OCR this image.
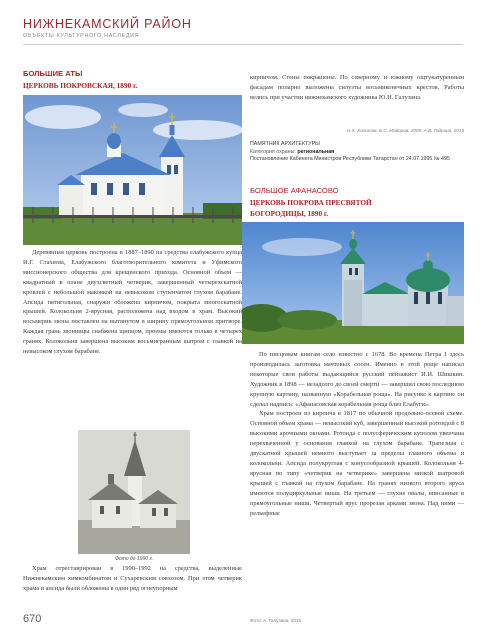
НИЖНЕКАМСКИЙ РАЙОН
ОБЪЕКТЫ КУЛЬТУРНОГО НАСЛЕДИЯ
БОЛЬШИЕ АТЫ
ЦЕРКОВЬ ПОКРОВСКАЯ, 1890 г.

Деревянная церковь построена в 1887–1890 на средства елабужского купца И.Г. Стахеева, Елабужского благотворительного комитета и Уфимского миссионерского общества для крещенского прихода. Основной объем — квадратный в плане двухсветный четверик, завершенный четырехскатной кровлей с небольшой маковкой на невысоком ступенчатом глухом барабане. Апсида пятигольная, снаружи обложена кирпичом, покрыта многоскатной крышей. Колокольня 2-ярусная, расположена над входом в храм. Высокий восьмерик звона поставлен на вытянутом в ширину прямоугольном притворе. Каждая грань звонницы снабжена щипцом, проемы имеются только в четырех гранях. Колокольня завершена высоким восьмигранным шатром с главкой на невысоком глухом барабане.

Фото до 1990 г.

Храм отреставрирован в 1990–1992 на средства, выделенные Нижнекамским химкомбинатом и Сухаревским совхозом. При этом четверик храма и апсида были обложены в один ряд огнеупорным

кирпичом. Стены покрашены. По северному и южному ощтукатуренным фасадам попарно выложены силуэты восьмиконечных крестов. Работы велись при участии нижнекамского художника Ю.Н. Галузина.

Н.Х. Халитов, Б.С. Майоров, 2005; А.В. Гадрина, 2015
ПАМЯТНИК АРХИТЕКТУРЫ
Категория охраны: региональная
Постановление Кабинета Министров Республики Татарстан от 24.07.1995 № 495
БОЛЬШОЕ АФАНАСОВО
ЦЕРКОВЬ ПОКРОВА ПРЕСВЯТОЙ
БОГОРОДИЦЫ, 1890 г.

По писцовым книгам село известно с 1678. Во времена Петра I здесь производилась заготовка мачтовых сосен. Именно в этой роще написал некоторые свои работы выдающийся русский пейзажист И.И. Шишкин. Художник в 1898 — незадолго до своей смерти — завершил свою последнюю крупную картину, названную «Корабельная роща». На рисунке к картине он сделал надпись: «Афанасовская корабельная роща близ Елабуги».

Храм построен из кирпича в 1817 по обычной продольно-осевой схеме. Основной объем храма — невысокий куб, завершенный высокой ротондой с 8 высокими арочными окнами. Ротонда с полусферическим куполом увенчана перехваченной у основания главкой на глухом барабане. Трапезная с двускатной крышей немного выступает за пределы главного объема и колокольни. Апсида полукруглая с конусообразной крышей. Колокольня 4-ярусная по типу «четверик на четверике» завершена низкой шатровой крышей с главкой на глухом барабане. На гранях низкого второго яруса имеются полуциркульные ниши. На третьем — глухие овалы, вписанные в прямоугольные ниши. Четвертый ярус прорезан арками звона. Над ними — рельефные

Фото: А. Галузина, 2015
670
